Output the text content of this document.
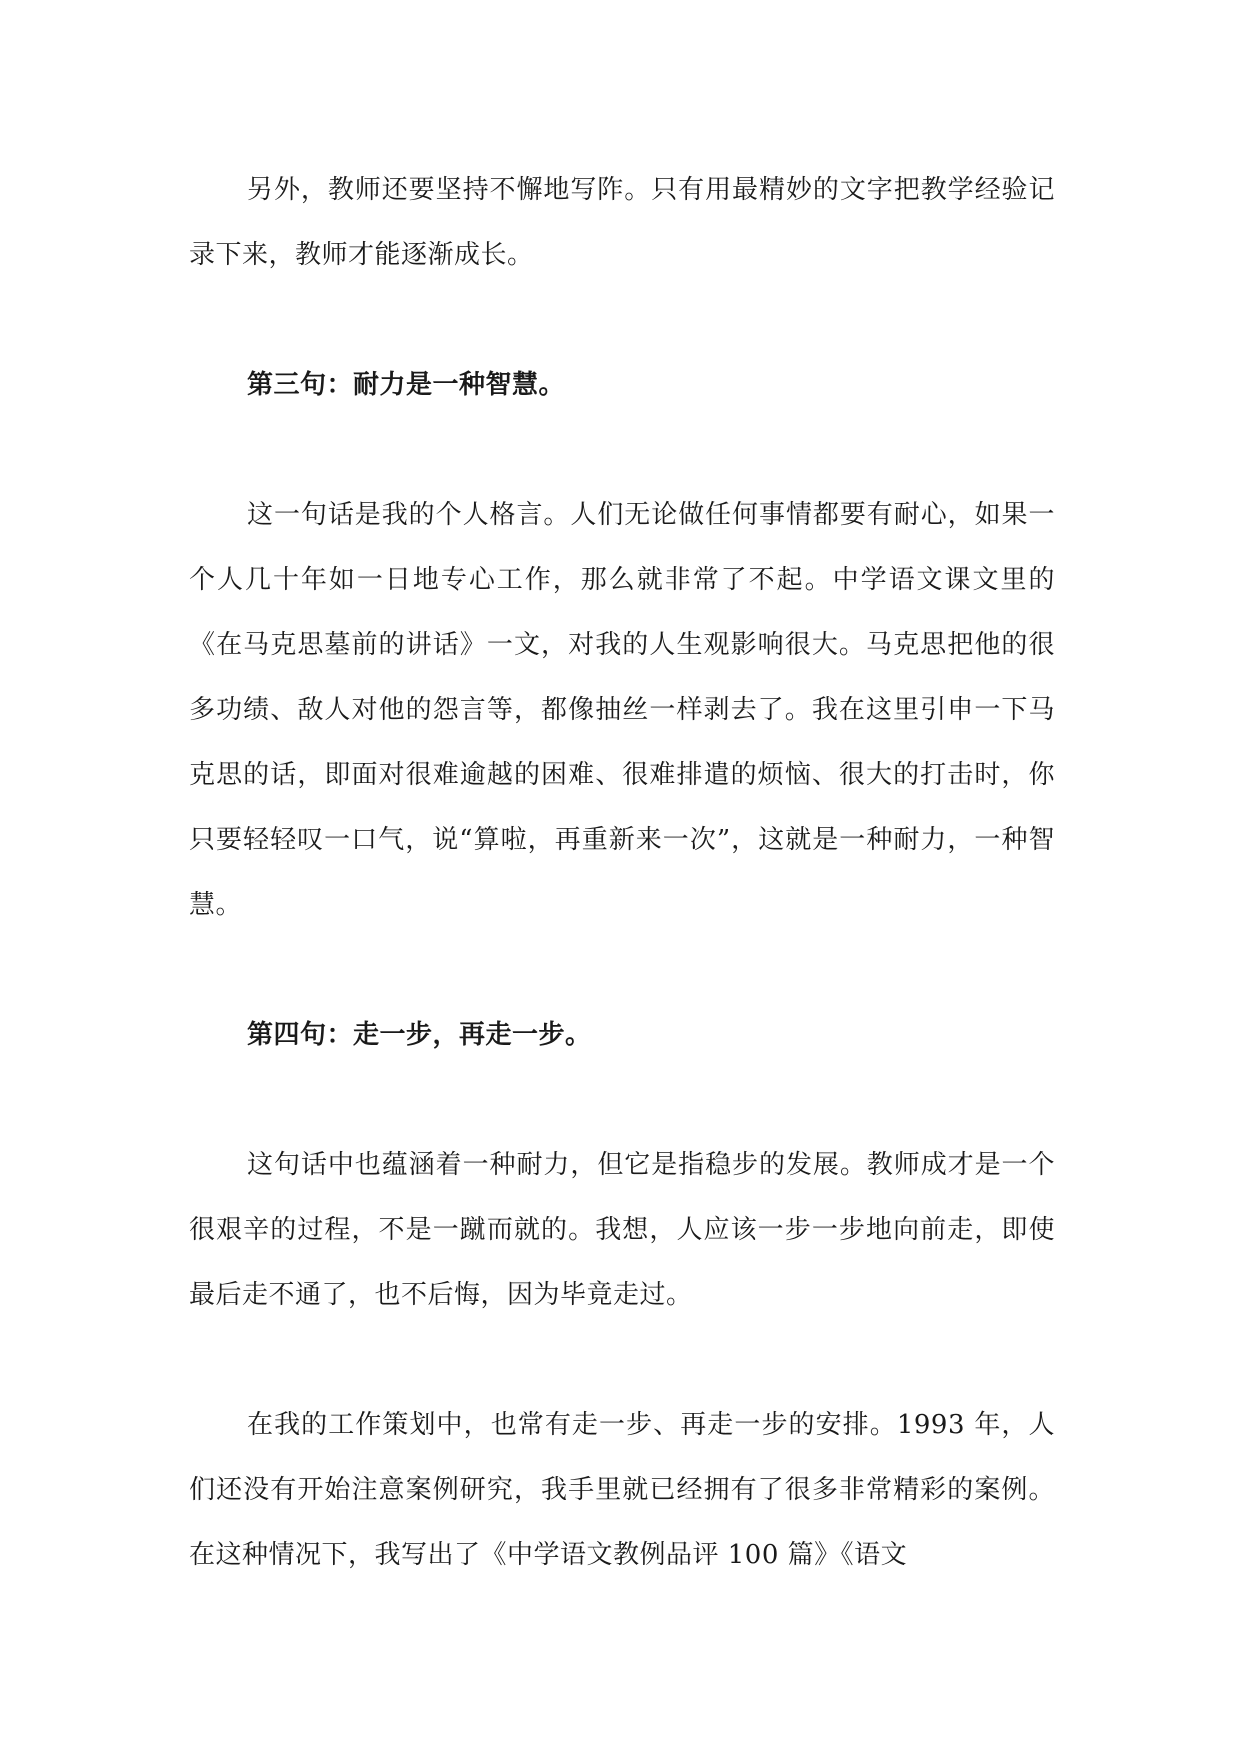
另外，教师还要坚持不懈地写阼。只有用最精妙的文字把教学经验记录下来，教师才能逐渐成长。

第三句：耐力是一种智慧。

这一句话是我的个人格言。人们无论做任何事情都要有耐心，如果一个人几十年如一日地专心工作，那么就非常了不起。中学语文课文里的《在马克思墓前的讲话》一文，对我的人生观影响很大。马克思把他的很多功绩、敌人对他的怨言等，都像抽丝一样剥去了。我在这里引申一下马克思的话，即面对很难逾越的困难、很难排遣的烦恼、很大的打击时，你只要轻轻叹一口气，说“算啦，再重新来一次”，这就是一种耐力，一种智慧。

第四句：走一步，再走一步。

这句话中也蕴涵着一种耐力，但它是指稳步的发展。教师成才是一个很艰辛的过程，不是一蹴而就的。我想，人应该一步一步地向前走，即使最后走不通了，也不后悔，因为毕竟走过。

在我的工作策划中，也常有走一步、再走一步的安排。1993 年，人们还没有开始注意案例研究，我手里就已经拥有了很多非常精彩的案例。在这种情况下，我写出了《中学语文教例品评 100 篇》《语文
